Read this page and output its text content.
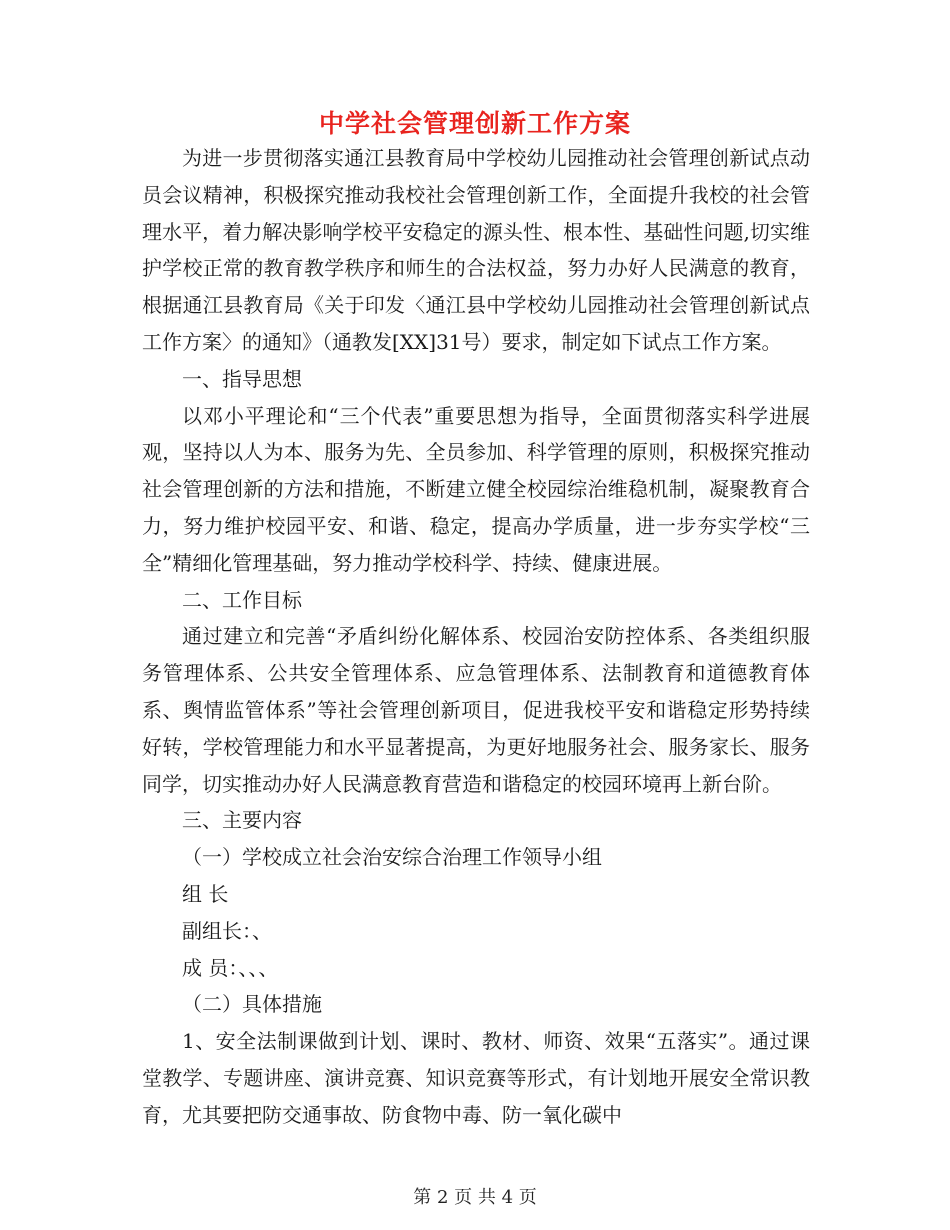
中学社会管理创新工作方案

为进一步贯彻落实通江县教育局中学校幼儿园推动社会管理创新试点动员会议精神，积极探究推动我校社会管理创新工作，全面提升我校的社会管理水平，着力解决影响学校平安稳定的源头性、根本性、基础性问题,切实维护学校正常的教育教学秩序和师生的合法权益，努力办好人民满意的教育，根据通江县教育局《关于印发〈通江县中学校幼儿园推动社会管理创新试点工作方案〉的通知》（通教发[XX]31号）要求，制定如下试点工作方案。

一、指导思想

以邓小平理论和“三个代表”重要思想为指导，全面贯彻落实科学进展观，坚持以人为本、服务为先、全员参加、科学管理的原则，积极探究推动社会管理创新的方法和措施，不断建立健全校园综治维稳机制，凝聚教育合力，努力维护校园平安、和谐、稳定，提高办学质量，进一步夯实学校“三全”精细化管理基础，努力推动学校科学、持续、健康进展。

二、工作目标

通过建立和完善“矛盾纠纷化解体系、校园治安防控体系、各类组织服务管理体系、公共安全管理体系、应急管理体系、法制教育和道德教育体系、舆情监管体系”等社会管理创新项目，促进我校平安和谐稳定形势持续好转，学校管理能力和水平显著提高，为更好地服务社会、服务家长、服务同学，切实推动办好人民满意教育营造和谐稳定的校园环境再上新台阶。

三、主要内容

（一）学校成立社会治安综合治理工作领导小组

组 长

副组长：、

成 员：、、、

（二）具体措施

1、安全法制课做到计划、课时、教材、师资、效果“五落实”。通过课堂教学、专题讲座、演讲竞赛、知识竞赛等形式，有计划地开展安全常识教育，尤其要把防交通事故、防食物中毒、防一氧化碳中

第 2 页 共 4 页
